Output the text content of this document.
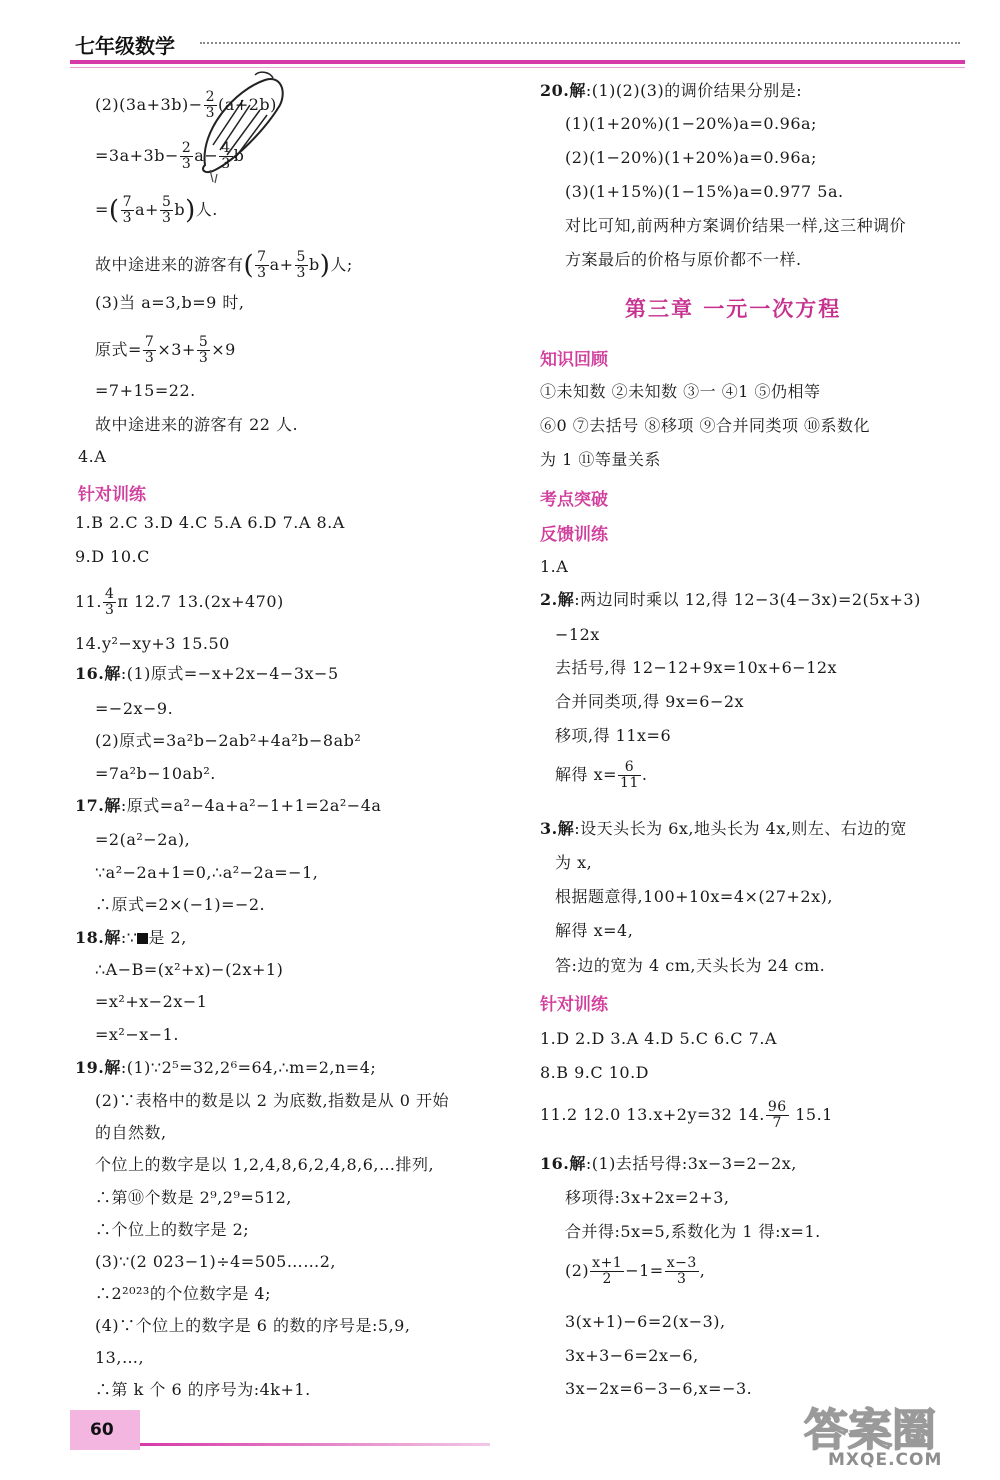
七年级数学
$(2)(3a+3b)- \frac{2}{3} (a+2b)$
$=3a+3b- \frac{2}{3} a- \frac{4}{3}$ b
=( $\frac{7}{3} a+ \frac{5}{3} b$)人.
故中途进来的游客有( $\frac{7}{3} a+ \frac{5}{3} b$)人;
(3)当 a=3,b=9 时,
原式= $\frac{7}{3} \times 3+ \frac{5}{3} \times 9$
=7+15=22.
故中途进来的游客有 22 人.
4.A
针对训练
1.B 2.C 3.D 4.C 5.A 6.D 7.A 8.A
9.D 10.C
11. $\frac{4}{3}$ π 12.7 13.(2x+470)
14.y²−xy+3 15.50
16.解:(1)原式=−x+2x−4−3x−5
=−2x−9.
(2)原式=3a²b−2ab²+4a²b−8ab²
=7a²b−10ab².
17.解:原式=a²−4a+a²−1+1=2a²−4a
=2(a²−2a),
∵a²−2a+1=0,∴a²−2a=−1,
∴原式=2×(−1)=−2.
18.解:∵ 是 2,
∴A−B=(x²+x)−(2x+1)
=x²+x−2x−1
=x²−x−1.
19.解:(1)∵2⁵=32,2⁶=64,∴m=2,n=4;
(2)∵表格中的数是以 2 为底数,指数是从 0 开始
的自然数,
个位上的数字是以 1,2,4,8,6,2,4,8,6,…排列,
∴第⑩个数是 2⁹,2⁹=512,
∴个位上的数字是 2;
(3)∵(2 023−1)÷4=505……2,
∴2²⁰²³的个位数字是 4;
(4)∵个位上的数字是 6 的数的序号是:5,9,
13,…,
∴第 k 个 6 的序号为:4k+1.
20.解:(1)(2)(3)的调价结果分别是:
(1)(1+20%)(1−20%)a=0.96a;
(2)(1−20%)(1+20%)a=0.96a;
(3)(1+15%)(1−15%)a=0.977 5a.
对比可知,前两种方案调价结果一样,这三种调价
方案最后的价格与原价都不一样.
第三章 一元一次方程
知识回顾
①未知数 ②未知数 ③一 ④1 ⑤仍相等
⑥0 ⑦去括号 ⑧移项 ⑨合并同类项 ⑩系数化
为 1 ⑪等量关系
考点突破
反馈训练
1.A
2.解:两边同时乘以 12,得 12−3(4−3x)=2(5x+3)
−12x
去括号,得 12−12+9x=10x+6−12x
合并同类项,得 9x=6−2x
移项,得 11x=6
解得 $x= \frac{6}{11}$ .
3.解:设天头长为 6x,地头长为 4x,则左、右边的宽
为 x,
根据题意得,100+10x=4×(27+2x),
解得 x=4,
答:边的宽为 4 cm,天头长为 24 cm.
针对训练
1.D 2.D 3.A 4.D 5.C 6.C 7.A
8.B 9.C 10.D
11.2 12.0 13.x+2y=32 14. $\frac{96}{7} 15.1$
16.解:(1)去括号得:3x−3=2−2x,
移项得:3x+2x=2+3,
合并得:5x=5,系数化为 1 得:x=1.
$(2) \frac{x+1}{2} -1= \frac{x-3}{3}$ ,
3(x+1)−6=2(x−3),
3x+3−6=2x−6,
3x−2x=6−3−6,x=−3.
60	答案圈
MXQE.COM
